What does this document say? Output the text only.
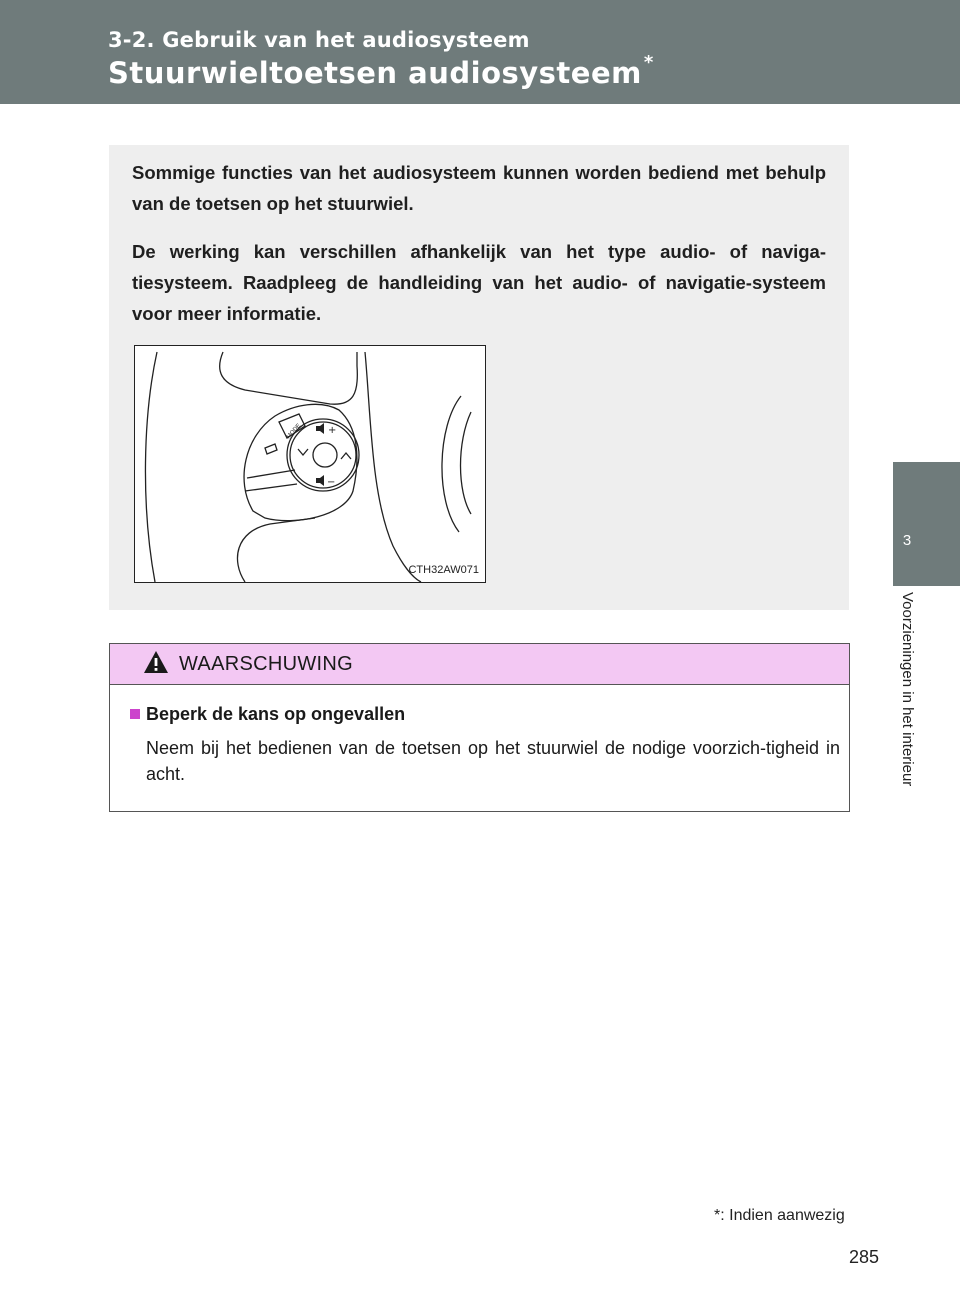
3-2. Gebruik van het audiosysteem
Stuurwieltoetsen audiosysteem *
3
Voorzieningen in het interieur

Sommige functies van het audiosysteem kunnen worden bediend met behulp van de toetsen op het stuurwiel.

De werking kan verschillen afhankelijk van het type audio- of naviga-tiesysteem. Raadpleeg de handleiding van het audio- of navigatie-systeem voor meer informatie.

+
−
MODE
CTH32AW071
WAARSCHUWING
Beperk de kans op ongevallen

Neem bij het bedienen van de toetsen op het stuurwiel de nodige voorzich-tigheid in acht.

*: Indien aanwezig
285
